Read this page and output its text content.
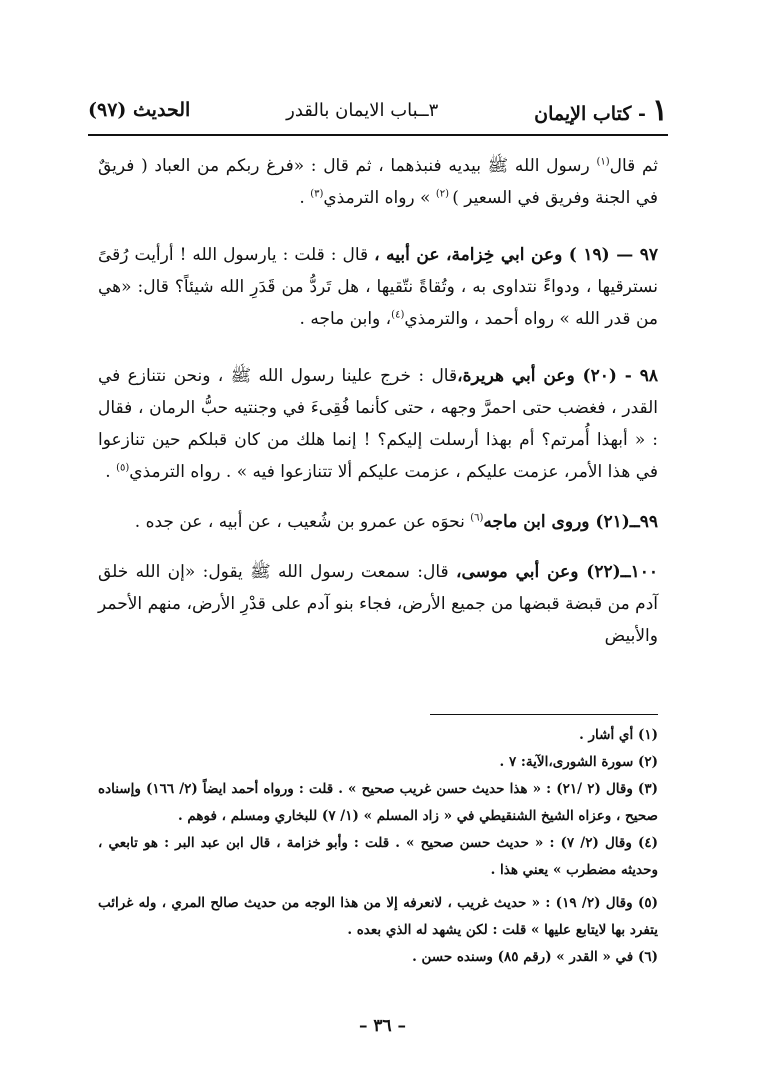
١
- كتاب الإيمان
٣ــباب الايمان بالقدر
الحديث (٩٧)

ثم قال$^{(١)}$ رسول الله ﷺ بيديه فنبذهما ، ثم قال : «فرغ ربكم من العباد ( فريقٌ في الجنة وفريق في السعير ) $^{(٢)}$ » رواه الترمذي$^{(٣)}$ .

٩٧ — (١٩ ) وعن ابي خِزامة، عن أبيه ، قال : قلت : يارسول الله ! أرأيت رُقىً نسترقيها ، ودواءً نتداوى به ، وتُقاةً نتّقيها ، هل تَردُّ من قَدَرِ الله شيئاً؟ قال: «هي من قدر الله » رواه أحمد ، والترمذي$^{(٤)}$، وابن ماجه .

٩٨ - (٢٠) وعن أبي هريرة،قال : خرج علينا رسول الله ﷺ ، ونحن نتنازع في القدر ، فغضب حتى احمرَّ وجهه ، حتى كأنما فُقِىءَ في وجنتيه حبُّ الرمان ، فقال : « أبهذا أُمرتم؟ أم بهذا أرسلت إليكم؟ ! إنما هلك من كان قبلكم حين تنازعوا في هذا الأمر، عزمت عليكم ، عزمت عليكم ألا تتنازعوا فيه » . رواه الترمذي$^{(٥)}$ .

٩٩ــ(٢١) وروى ابن ماجه$^{(٦)}$ نحوَه عن عمرو بن شُعيب ، عن أبيه ، عن جده .

١٠٠ــ(٢٢) وعن أبي موسى، قال: سمعت رسول الله ﷺ يقول: «إن الله خلق آدم من قبضة قبضها من جميع الأرض، فجاء بنو آدم على قدْرِ الأرض، منهم الأحمر والأبيض

(١) أي أشار .

(٢) سورة الشورى،الآية: ٧ .

(٣) وقال (٢ /٢١) : « هذا حديث حسن غريب صحيح » . قلت : ورواه أحمد ايضاً (٢/ ١٦٦) وإسناده صحيح ، وعزاه الشيخ الشنقيطي في « زاد المسلم » (١/ ٧) للبخاري ومسلم ، فوهم .

(٤) وقال (٢/ ٧) : « حديث حسن صحيح » . قلت : وأبو خزامة ، قال ابن عبد البر : هو تابعي ، وحديثه مضطرب » يعني هذا .

(٥) وقال (٢/ ١٩) : « حديث غريب ، لانعرفه إلا من هذا الوجه من حديث صالح المري ، وله غرائب يتفرد بها لايتابع عليها » قلت : لكن يشهد له الذي بعده .

(٦) في « القدر » (رقم ٨٥) وسنده حسن .

– ٣٦ –
